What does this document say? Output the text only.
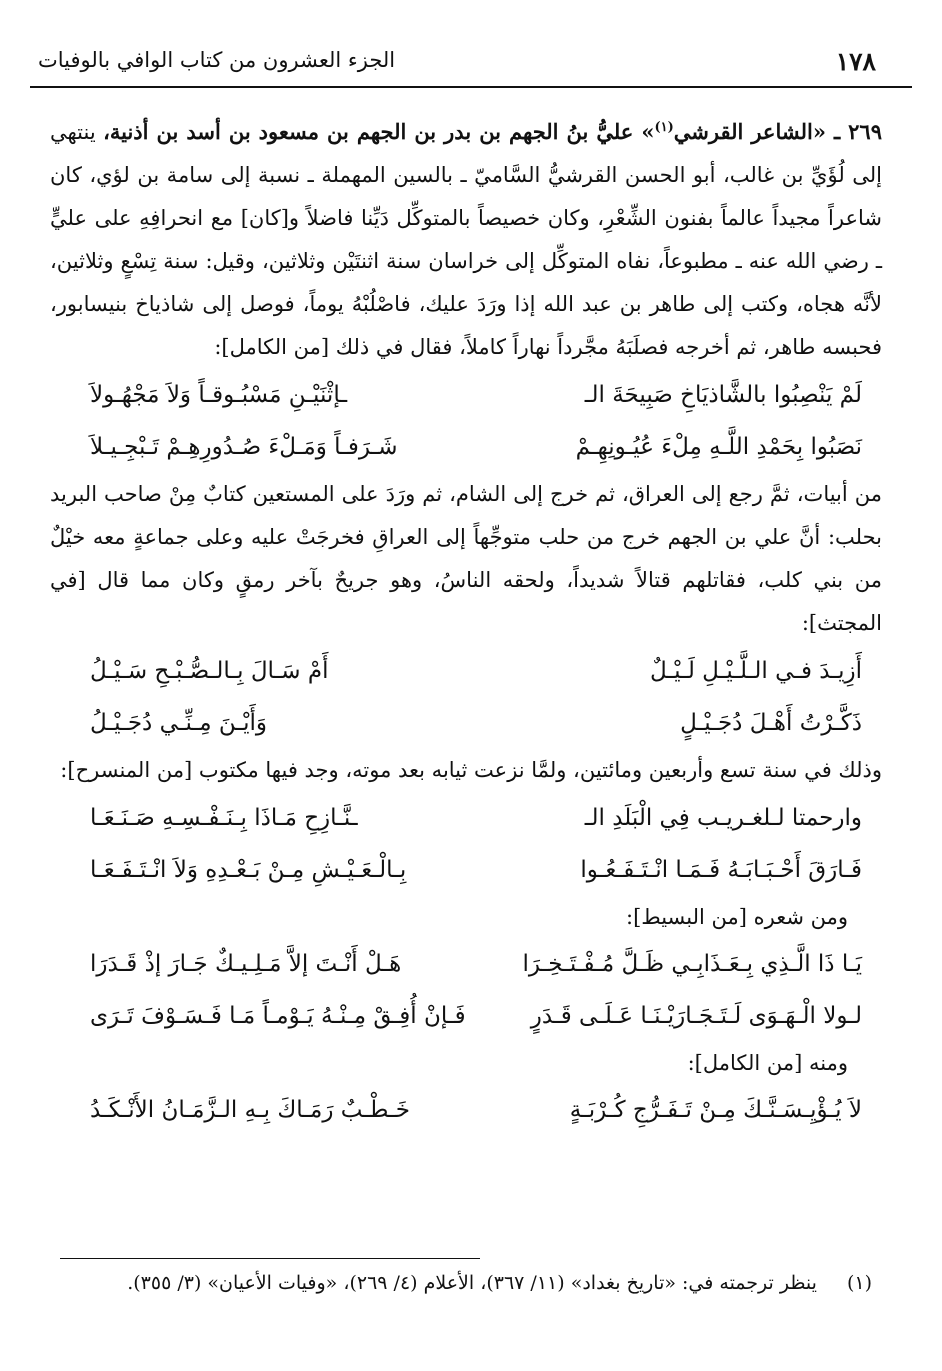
١٧٨
الجزء العشرون من كتاب الوافي بالوفيات

٢٦٩ ـ «الشاعر القرشي$^{(١)}$» عليُّ بنُ الجهم بن بدر بن الجهم بن مسعود بن أسد بن أذنية، ينتهي إلى لُؤَيِّ بن غالب، أبو الحسن القرشيُّ السَّاميّ ـ بالسين المهملة ـ نسبة إلى سامة بن لؤي، كان شاعراً مجيداً عالماً بفنون الشِّعْرِ، وكان خصيصاً بالمتوكِّل دَيِّنا فاضلاً و[كان] مع انحرافِهِ على عليٍّ ـ رضي الله عنه ـ مطبوعاً، نفاه المتوكِّل إلى خراسان سنة اثنتَيْن وثلاثين، وقيل: سنة تِسْعٍ وثلاثين، لأنَّه هجاه، وكتب إلى طاهر بن عبد الله إذا ورَدَ عليك، فاصْلُبْهُ يوماً، فوصل إلى شاذياخ بنيسابور، فحبسه طاهر، ثم أخرجه فصلَبَهُ مجَّرداً نهاراً كاملاً، فقال في ذلك [من الكامل]:

لَمْ يَنْصِبُوا بالشَّاذيَاخِ صَبِيحَةَ الـ
ـإثْنَيْـنِ مَسْبُـوقـاً وَلاَ مَجْهُـولاَ
نَصَبُوا بِحَمْدِ اللَّـهِ مِلْءَ عُيُـونِهِـمْ
شَـرَفـاً وَمَـلْءَ صُـدُورِهِـمْ تَـبْجِـيـلاَ

من أبيات، ثمَّ رجع إلى العراق، ثم خرج إلى الشام، ثم ورَدَ على المستعين كتابٌ مِنْ صاحب البريد بحلب: أنَّ علي بن الجهم خرج من حلب متوجِّهاً إلى العراقِ فخرجَتْ عليه وعلى جماعةٍ معه خيْلٌ من بني كلب، فقاتلهم قتالاً شديداً، ولحقه الناسُ، وهو جريحٌ بآخر رمقٍ وكان مما قال [في المجتث]:

أَزِيـدَ فـي الـلَّـيْـلِ لَـيْـلٌ
أَمْ سَـالَ بِـالـصُّـبْـحِ سَـيْـلُ
ذَكَّـرْتُ أَهْـلَ دُجَـيْـلٍ
وَأَيْـنَ مِـنِّـي دُجَـيْـلُ

وذلك في سنة تسع وأربعين ومائتين، ولمَّا نزعت ثيابه بعد موته، وجد فيها مكتوب [من المنسرح]:

وارحمتا لـلغـريـب فِي الْبَلَدِ الـ
ـنَّـازِحِ مَـاذَا بِـنَـفْـسِـهِ صَـنَـعَـا
فَـارَقَ أَحْـبَـابَـهُ فَـمَـا انْـتَـفَـعُـوا
بِـالْـعَـيْـشِ مِـنْ بَـعْـدِهِ وَلاَ انْـتَـفَـعَـا

ومن شعره [من البسيط]:

يَـا ذَا الَّـذِي بِـعَـذَابِـي ظَـلَّ مُـفْـتَـخِـرَا
هَـلْ أَنْـتَ إلاَّ مَـلِـيـكٌ جَـارَ إذْ قَـدَرَا
لـولا الْـهَـوَى لَـتَـجَـارَيْـنَـا عَـلَـى قَـدَرٍ
فَـإنْ أُفِـقْ مِـنْـهُ يَـوْمـاً مَـا فَـسَـوْفَ تَـرَى

ومنه [من الكامل]:

لاَ يُـؤْيِـسَـنَّـكَ مِـنْ تَـفَـرُّجِ كُـرْبَـةٍ
خَـطْـبٌ رَمَـاكَ بِـهِ الـزَّمَـانُ الأَنْـكَـدُ
(١)
ينظر ترجمته في: «تاريخ بغداد» (١١/ ٣٦٧)، الأعلام (٤/ ٢٦٩)، «وفيات الأعيان» (٣/ ٣٥٥).
